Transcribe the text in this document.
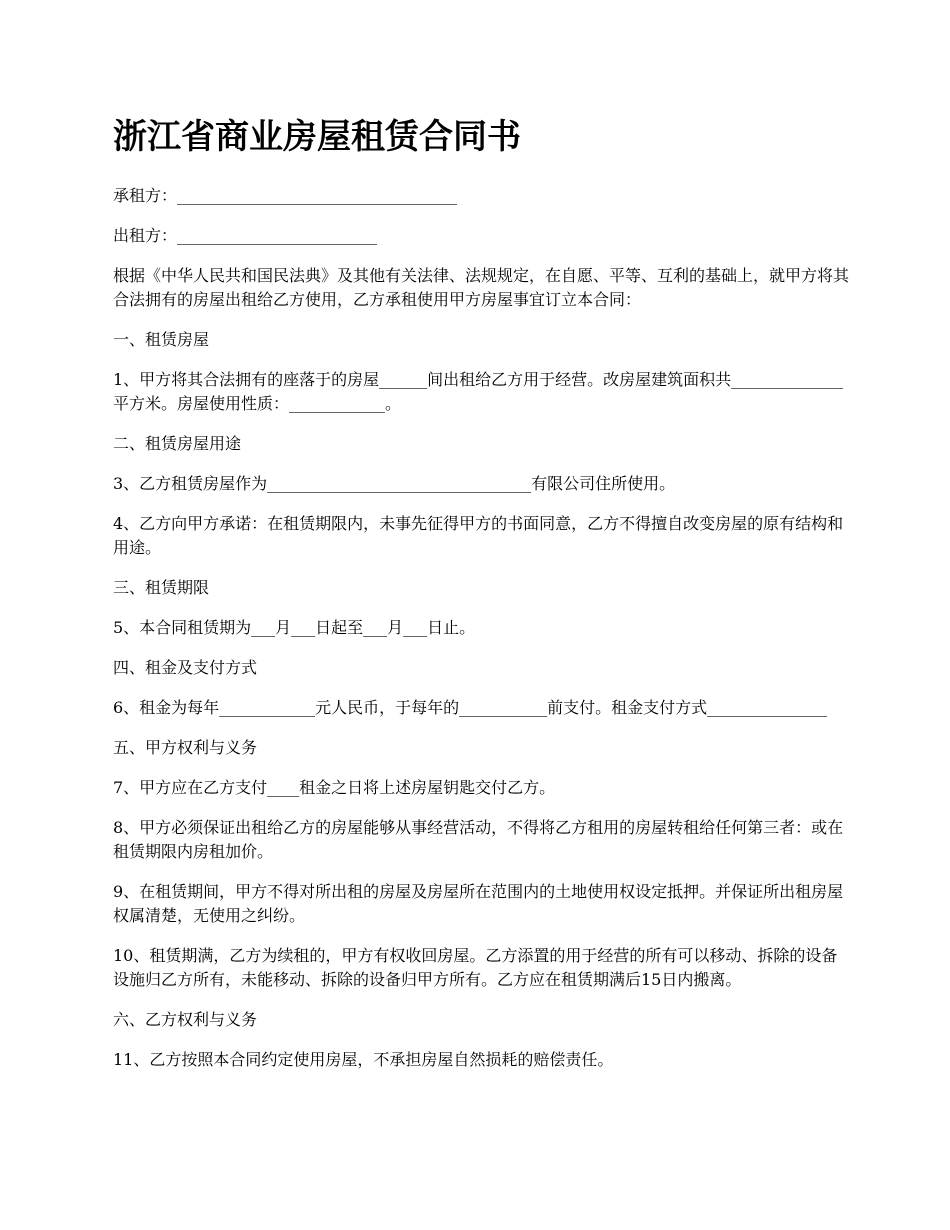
浙江省商业房屋租赁合同书

承租方：___________________________________

出租方：_________________________

根据《中华人民共和国民法典》及其他有关法律、法规规定，在自愿、平等、互利的基础上，就甲方将其合法拥有的房屋出租给乙方使用，乙方承租使用甲方房屋事宜订立本合同：

一、租赁房屋

1、甲方将其合法拥有的座落于的房屋______间出租给乙方用于经营。改房屋建筑面积共______________平方米。房屋使用性质：____________。

二、租赁房屋用途

3、乙方租赁房屋作为_________________________________有限公司住所使用。

4、乙方向甲方承诺：在租赁期限内，未事先征得甲方的书面同意，乙方不得擅自改变房屋的原有结构和用途。

三、租赁期限

5、本合同租赁期为___月___日起至___月___日止。

四、租金及支付方式

6、租金为每年____________元人民币，于每年的___________前支付。租金支付方式_______________

五、甲方权利与义务

7、甲方应在乙方支付____租金之日将上述房屋钥匙交付乙方。

8、甲方必须保证出租给乙方的房屋能够从事经营活动，不得将乙方租用的房屋转租给任何第三者：或在租赁期限内房租加价。

9、在租赁期间，甲方不得对所出租的房屋及房屋所在范围内的土地使用权设定抵押。并保证所出租房屋权属清楚，无使用之纠纷。

10、租赁期满，乙方为续租的，甲方有权收回房屋。乙方添置的用于经营的所有可以移动、拆除的设备设施归乙方所有，未能移动、拆除的设备归甲方所有。乙方应在租赁期满后15日内搬离。

六、乙方权利与义务

11、乙方按照本合同约定使用房屋，不承担房屋自然损耗的赔偿责任。
